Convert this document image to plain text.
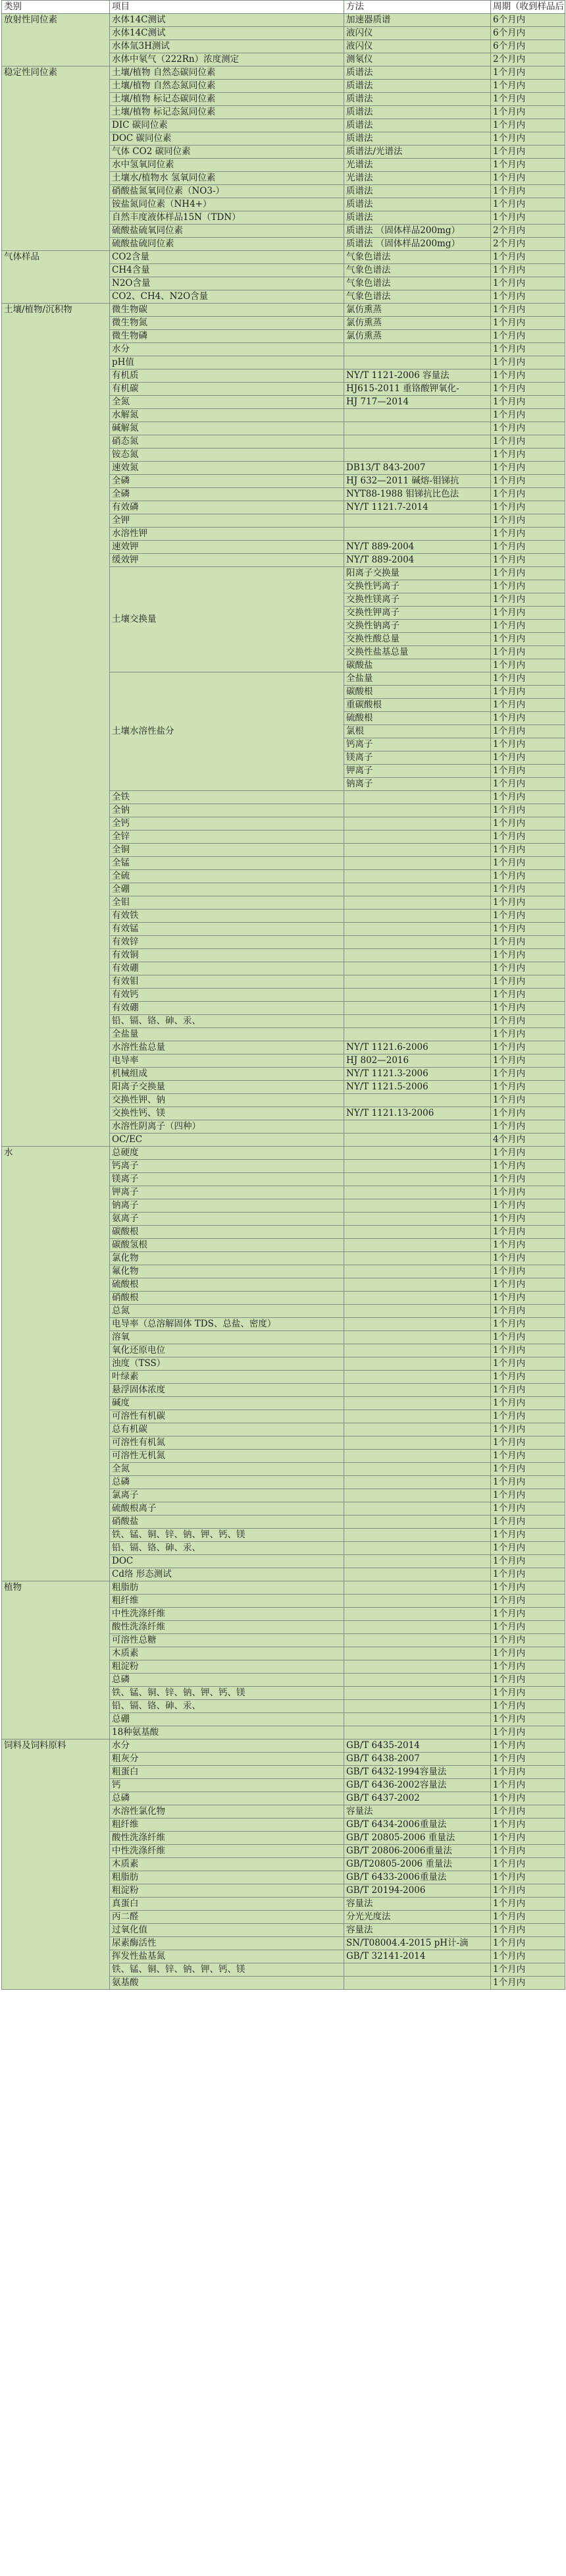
类别	项目	方法	周期（收到样品后
放射性同位素	水体14C测试	加速器质谱	6个月内
	水体14C测试	液闪仪	6个月内
	水体氚3H测试	液闪仪	6个月内
	水体中氡气（222Rn）浓度测定	测氡仪	2个月内
稳定性同位素	土壤/植物 自然态碳同位素	质谱法	1个月内
	土壤/植物 自然态氮同位素	质谱法	1个月内
	土壤/植物 标记态碳同位素	质谱法	1个月内
	土壤/植物 标记态氮同位素	质谱法	1个月内
	DIC 碳同位素	质谱法	1个月内
	DOC 碳同位素	质谱法	1个月内
	气体 CO2 碳同位素	质谱法/光谱法	1个月内
	水中氢氧同位素	光谱法	1个月内
	土壤水/植物水 氢氧同位素	光谱法	1个月内
	硝酸盐氮氧同位素（NO3-）	质谱法	1个月内
	铵盐氮同位素（NH4+）	质谱法	1个月内
	自然丰度液体样品15N（TDN）	质谱法	1个月内
	硫酸盐硫氧同位素	质谱法 （固体样品200mg）	2个月内
	硫酸盐硫同位素	质谱法 （固体样品200mg）	2个月内
气体样品	CO2含量	气象色谱法	1个月内
	CH4含量	气象色谱法	1个月内
	N2O含量	气象色谱法	1个月内
	CO2、CH4、N2O含量	气象色谱法	1个月内
土壤/植物/沉积物	微生物碳	氯仿熏蒸	1个月内
	微生物氮	氯仿熏蒸	1个月内
	微生物磷	氯仿熏蒸	1个月内
	水分		1个月内
	pH值		1个月内
	有机质	NY/T 1121-2006 容量法	1个月内
	有机碳	HJ615-2011 重铬酸钾氧化-	1个月内
	全氮	HJ 717—2014	1个月内
	水解氮		1个月内
	碱解氮		1个月内
	硝态氮		1个月内
	铵态氮		1个月内
	速效氮	DB13/T 843-2007	1个月内
	全磷	HJ 632—2011 碱熔-钼锑抗	1个月内
	全磷	NYT88-1988 钼锑抗比色法	1个月内
	有效磷	NY/T 1121.7-2014	1个月内
	全钾		1个月内
	水溶性钾		1个月内
	速效钾	NY/T 889-2004	1个月内
	缓效钾	NY/T 889-2004	1个月内
	土壤交换量	阳离子交换量	1个月内
		交换性钙离子	1个月内
		交换性镁离子	1个月内
		交换性钾离子	1个月内
		交换性钠离子	1个月内
		交换性酸总量	1个月内
		交换性盐基总量	1个月内
		碳酸盐	1个月内
	土壤水溶性盐分	全盐量	1个月内
		碳酸根	1个月内
		重碳酸根	1个月内
		硫酸根	1个月内
		氯根	1个月内
		钙离子	1个月内
		镁离子	1个月内
		钾离子	1个月内
		钠离子	1个月内
	全铁		1个月内
	全钠		1个月内
	全钙		1个月内
	全锌		1个月内
	全铜		1个月内
	全锰		1个月内
	全硫		1个月内
	全硼		1个月内
	全钼		1个月内
	有效铁		1个月内
	有效锰		1个月内
	有效锌		1个月内
	有效铜		1个月内
	有效硼		1个月内
	有效钼		1个月内
	有效钙		1个月内
	有效硼		1个月内
	铅、镉、铬、砷、汞、		1个月内
	全盐量		1个月内
	水溶性盐总量	NY/T 1121.6-2006	1个月内
	电导率	HJ 802—2016	1个月内
	机械组成	NY/T 1121.3-2006	1个月内
	阳离子交换量	NY/T 1121.5-2006	1个月内
	交换性钾、钠		1个月内
	交换性钙、镁	NY/T 1121.13-2006	1个月内
	水溶性阴离子（四种）		1个月内
	OC/EC		4个月内
水	总硬度		1个月内
	钙离子		1个月内
	镁离子		1个月内
	钾离子		1个月内
	钠离子		1个月内
	氨离子		1个月内
	碳酸根		1个月内
	碳酸氢根		1个月内
	氯化物		1个月内
	氟化物		1个月内
	硫酸根		1个月内
	硝酸根		1个月内
	总氮		1个月内
	电导率（总溶解固体 TDS、总盐、密度）		1个月内
	溶氧		1个月内
	氧化还原电位		1个月内
	浊度（TSS）		1个月内
	叶绿素		1个月内
	悬浮固体浓度		1个月内
	碱度		1个月内
	可溶性有机碳		1个月内
	总有机碳		1个月内
	可溶性有机氮		1个月内
	可溶性无机氮		1个月内
	全氮		1个月内
	总磷		1个月内
	氯离子		1个月内
	硫酸根离子		1个月内
	硝酸盐		1个月内
	铁、锰、铜、锌、钠、钾、钙、镁		1个月内
	铅、镉、铬、砷、汞、		1个月内
	DOC		1个月内
	Cd络 形态测试		1个月内
植物	粗脂肪		1个月内
	粗纤维		1个月内
	中性洗涤纤维		1个月内
	酸性洗涤纤维		1个月内
	可溶性总糖		1个月内
	木质素		1个月内
	粗淀粉		1个月内
	总磷		1个月内
	铁、锰、铜、锌、钠、钾、钙、镁		1个月内
	铅、镉、铬、砷、汞、		1个月内
	总硼		1个月内
	18种氨基酸		1个月内
饲料及饲料原料	水分	GB/T 6435-2014	1个月内
	粗灰分	GB/T 6438-2007	1个月内
	粗蛋白	GB/T 6432-1994容量法	1个月内
	钙	GB/T 6436-2002容量法	1个月内
	总磷	GB/T 6437-2002	1个月内
	水溶性氯化物	容量法	1个月内
	粗纤维	GB/T 6434-2006重量法	1个月内
	酸性洗涤纤维	GB/T 20805-2006 重量法	1个月内
	中性洗涤纤维	GB/T 20806-2006重量法	1个月内
	木质素	GB/T20805-2006 重量法	1个月内
	粗脂肪	GB/T 6433-2006重量法	1个月内
	粗淀粉	GB/T 20194-2006	1个月内
	真蛋白	容量法	1个月内
	丙二醛	分光光度法	1个月内
	过氧化值	容量法	1个月内
	尿素酶活性	SN/T08004.4-2015 pH计-滴	1个月内
	挥发性盐基氮	GB/T 32141-2014	1个月内
	铁、锰、铜、锌、钠、钾、钙、镁		1个月内
	氨基酸		1个月内
